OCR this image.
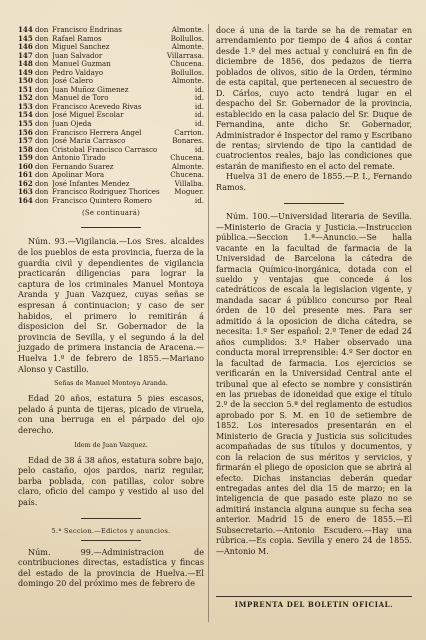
144 don Francisco Endrinas	Almonte.
145 don Rafael Ramos	Bollullos.
146 don Miguel Sanchez	Almonte.
147 don Juan Salvador	Villarrasa.
148 don Manuel Guzman	Chucena.
149 don Pedro Valdayo	Bollullos.
150 don José Calero	Almonte.
151 don Juan Muñoz Gimenez	id.
152 don Manuel de Toro	id.
153 don Francisco Acevedo Rivas	id.
154 don José Miguel Escolar	id.
155 don Juan Ojeda	id.
156 don Francisco Herrera Angel	Carrion.
157 don José Maria Carrasco	Bonares.
158 don Cristobal Francisco Carrasco	id.
159 don Antonio Tirado	Chucena.
160 don Fernando Suarez	Almonte.
161 don Apolinar Mora	Chucena.
162 don José Infantes Mendez	Villalba.
163 don Francisco Rodriguez Thorices	Moguer.
164 don Francisco Quintero Romero	id.
(Se continuará)

Núm. 93.—Vigilancia.—Los Sres. alcaldes de los pueblos de esta provincia, fuerza de la guardia civil y dependientes de vigilancia practicarán diligencias para lograr la captura de los criminales Manuel Montoya Aranda y Juan Vazquez, cuyas señas se espresan á continuacion; y caso de ser habidos, el primero lo remitirán á disposicion del Sr. Gobernador de la provincia de Sevilla, y el segundo á la del juzgado de primera instancia de Aracena.—Huelva 1.º de febrero de 1855.—Mariano Alonso y Castillo.

Señas de Manuel Montoya Aranda.

Edad 20 años, estatura 5 pies escasos, pelado á punta de tijeras, picado de viruela, con una berruga en el párpado del ojo derecho.

Idem de Juan Vazquez.

Edad de 38 á 38 años, estatura sobre bajo, pelo castaño, ojos pardos, nariz regular, barba poblada, con patillas, color sobre claro, oficio del campo y vestido al uso del país.

5.ª Seccion.—Edictos y anuncios.

Núm. 99.—Administracion de contribuciones directas, estadística y fincas del estado de la provincia de Huelva.—El domingo 20 del próximo mes de febrero de

doce á una de la tarde se ha de rematar en arrendamiento por tiempo de 4 años á contar desde 1.º del mes actual y concluirá en fin de diciembre de 1856, dos pedazos de tierra poblados de olivos, sitio de la Orden, término de esta capital, que pertenecen al secuestro de D. Cárlos, cuyo acto tendrá lugar en el despacho del Sr. Gobernador de la provincia, establecido en la casa palacio del Sr. Duque de Fernandina, ante dicho Sr. Gobernador, Administrador é Inspector del ramo y Escribano de rentas; sirviendo de tipo la cantidad de cuatrocientos reales, bajo las condiciones que estarán de manifiesto en el acto del remate.

Huelva 31 de enero de 1855.—P. I., Fernando Ramos.

Núm. 100.—Universidad literaria de Sevilla.—Ministerio de Gracia y Justicia.—Instruccion pública.—Seccion 1.ª—Anuncio.—Se halla vacante en la facultad de farmacia de la Universidad de Barcelona la cátedra de farmacia Químico-inorgánica, dotada con el sueldo y ventajas que concede á los catedráticos de escala la legislacion vigente, y mandada sacar á público concurso por Real órden de 10 del presente mes. Para ser admitido á la oposicion de dicha cátedra, se necesita: 1.º Ser español: 2.º Tener de edad 24 años cumplidos: 3.º Haber observado una conducta moral irreprensible: 4.º Ser doctor en la facultad de farmacia. Los ejercicios se verificarán en la Universidad Central ante el tribunal que al efecto se nombre y consistirán en las pruebas de idoneidad que exige el título 2.º de la seccion 5.ª del reglamento de estudios aprobado por S. M. en 10 de setiembre de 1852. Los interesados presentarán en el Ministerio de Gracia y Justicia sus solicitudes acompañadas de sus títulos y documentos, y con la relacion de sus méritos y servicios, y firmarán el pliego de oposicion que se abrirá al efecto. Dichas instancias deberán quedar entregadas antes del dia 15 de marzo; en la inteligencia de que pasado este plazo no se admitirá instancia alguna aunque su fecha sea anterior. Madrid 15 de enero de 1855.—El Subsecretario.—Antonio Escudero.—Hay una rúbrica.—Es copia. Sevilla y enero 24 de 1855.—Antonio M.

IMPRENTA DEL BOLETIN OFICIAL.
